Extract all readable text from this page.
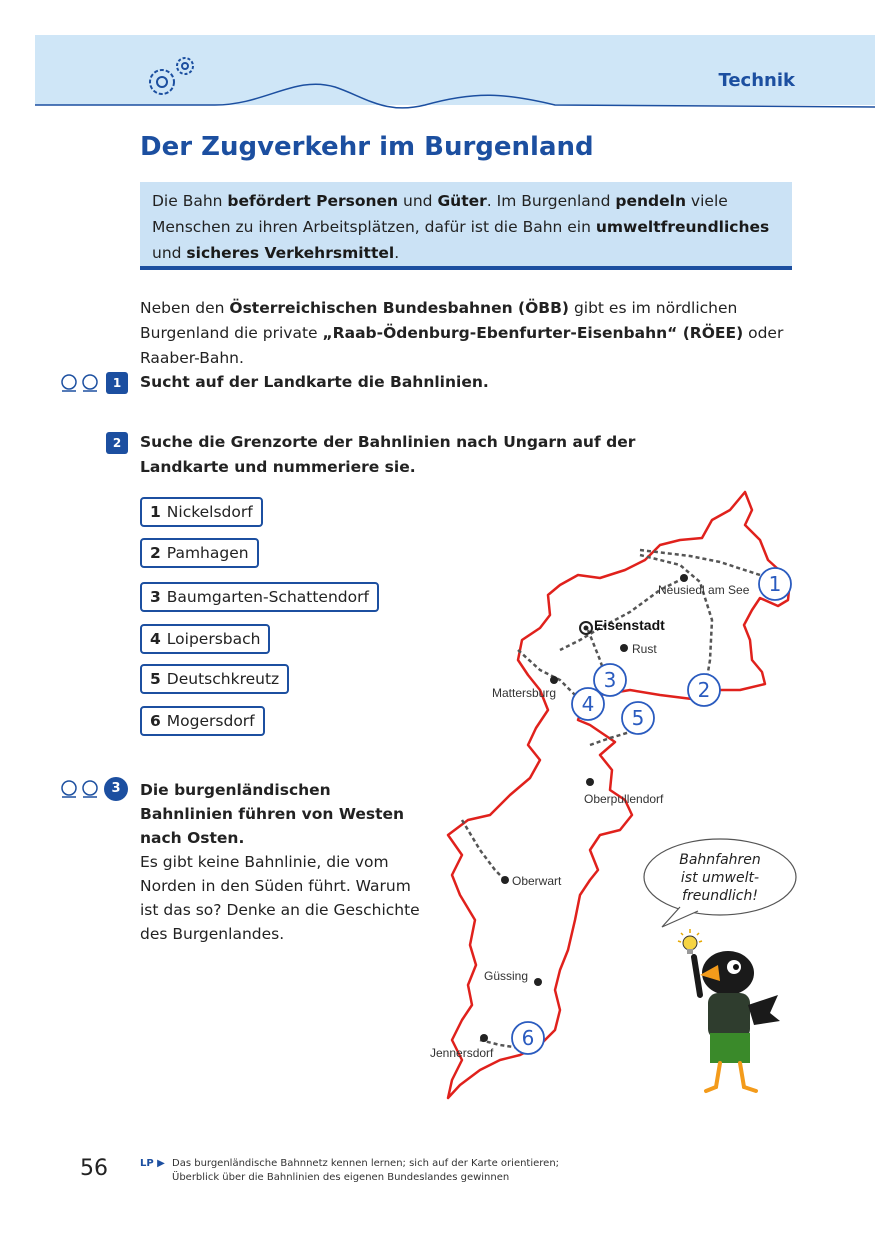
Technik
Der Zugverkehr im Burgenland
Die Bahn befördert Personen und Güter. Im Burgenland pendeln viele Menschen zu ihren Arbeitsplätzen, dafür ist die Bahn ein umweltfreundliches und sicheres Verkehrsmittel.
Neben den Österreichischen Bundesbahnen (ÖBB) gibt es im nördlichen Burgenland die private „Raab-Ödenburg-Ebenfurter-Eisenbahn“ (RÖEE) oder Raaber-Bahn.
1	Sucht auf der Landkarte die Bahnlinien.
2	Suche die Grenzorte der Bahnlinien nach Ungarn auf der Landkarte und nummeriere sie.
1 Nickelsdorf
2 Pamhagen
3 Baumgarten-Schattendorf
4 Loipersbach
5 Deutschkreutz
6 Mogersdorf
3	Die burgenländischen Bahnlinien führen von Westen nach Osten.
Es gibt keine Bahnlinie, die vom Norden in den Süden führt. Warum ist das so? Denke an die Geschichte des Burgenlandes.
Neusiedl am See
Eisenstadt
Rust
Mattersburg
Oberpullendorf
Oberwart
Güssing
Jennersdorf
1
2
3
4
5
6
Bahnfahren
ist umwelt-
freundlich!
56	LP ▶ Das burgenländische Bahnnetz kennen lernen; sich auf der Karte orientieren; Überblick über die Bahnlinien des eigenen Bundeslandes gewinnen
